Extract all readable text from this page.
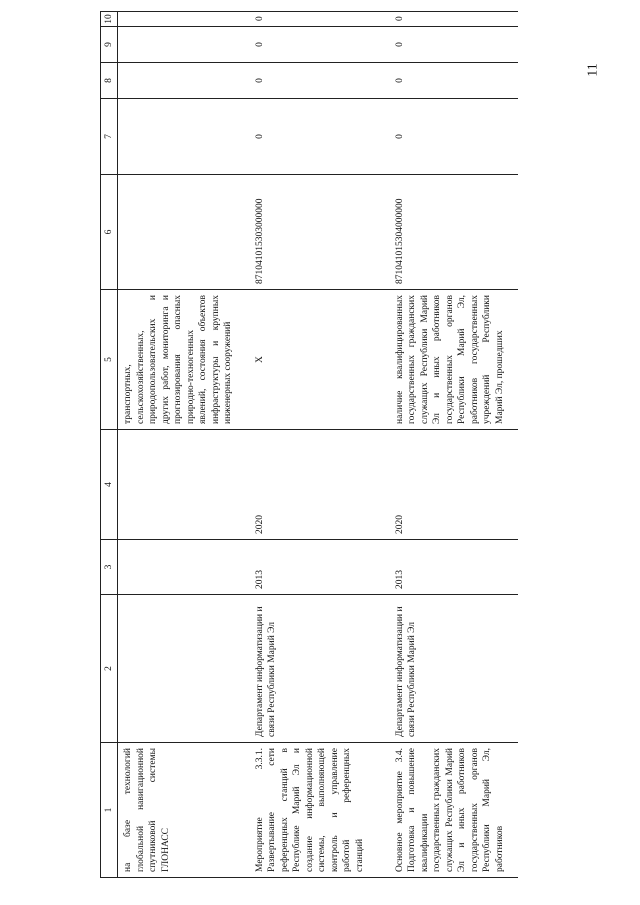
11
1	2	3	4	5	6	7	8	9	10
на базе технологий глобальной навигационной спутниковой системы ГЛОНАСС				транспортных, сельскохозяйственных, природопользовательских и других работ, мониторинга и прогнозирования опасных природно-техногенных явлений, состояния объектов инфраструктуры и крупных инженерных сооружений					
Мероприятие 3.3.1. Развертывание сети референцных станций в Республике Марий Эл и создание информационной системы, выполняющей контроль и управление работой референцных станций	Департамент информатизации и связи Республики Марий Эл	2013	2020	X	871041015303000000	0	0	0	0
Основное мероприятие 3.4. Подготовка и повышение квалификации государственных гражданских служащих Республики Марий Эл и иных работников государственных органов Республики Марий Эл, работников	Департамент информатизации и связи Республики Марий Эл	2013	2020	наличие квалифицированных государственных гражданских служащих Республики Марий Эл и иных работников государственных органов Республики Марий Эл, работников государственных учреждений Республики Марий Эл, прошедших	871041015304000000	0	0	0	0
